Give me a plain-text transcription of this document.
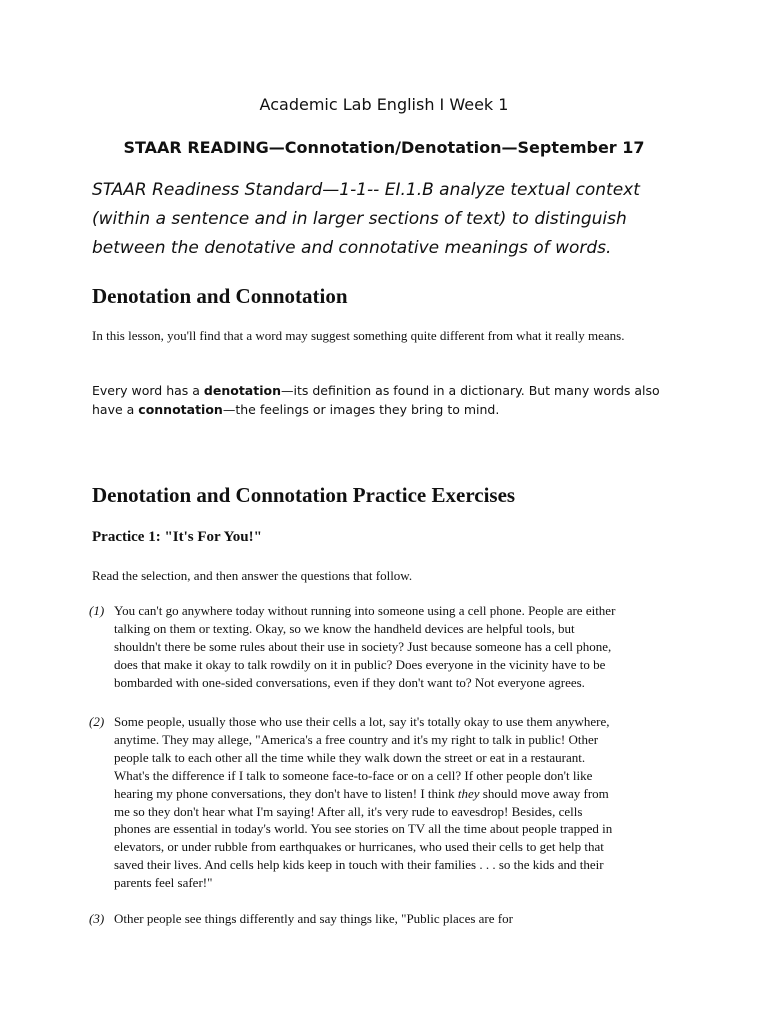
Academic Lab English I Week 1
STAAR READING—Connotation/Denotation—September 17
STAAR Readiness Standard—1-1-- EI.1.B analyze textual context (within a sentence and in larger sections of text) to distinguish between the denotative and connotative meanings of words.
Denotation and Connotation
In this lesson, you'll find that a word may suggest something quite different from what it really means.
Every word has a denotation—its definition as found in a dictionary. But many words also have a connotation—the feelings or images they bring to mind.
Denotation and Connotation Practice Exercises
Practice 1: "It's For You!"
Read the selection, and then answer the questions that follow.
(1) You can't go anywhere today without running into someone using a cell phone. People are either talking on them or texting. Okay, so we know the handheld devices are helpful tools, but shouldn't there be some rules about their use in society? Just because someone has a cell phone, does that make it okay to talk rowdily on it in public? Does everyone in the vicinity have to be bombarded with one-sided conversations, even if they don't want to? Not everyone agrees.
(2) Some people, usually those who use their cells a lot, say it's totally okay to use them anywhere, anytime. They may allege, "America's a free country and it's my right to talk in public! Other people talk to each other all the time while they walk down the street or eat in a restaurant. What's the difference if I talk to someone face-to-face or on a cell? If other people don't like hearing my phone conversations, they don't have to listen! I think they should move away from me so they don't hear what I'm saying! After all, it's very rude to eavesdrop! Besides, cells phones are essential in today's world. You see stories on TV all the time about people trapped in elevators, or under rubble from earthquakes or hurricanes, who used their cells to get help that saved their lives. And cells help kids keep in touch with their families . . . so the kids and their parents feel safer!"
(3) Other people see things differently and say things like, "Public places are for
